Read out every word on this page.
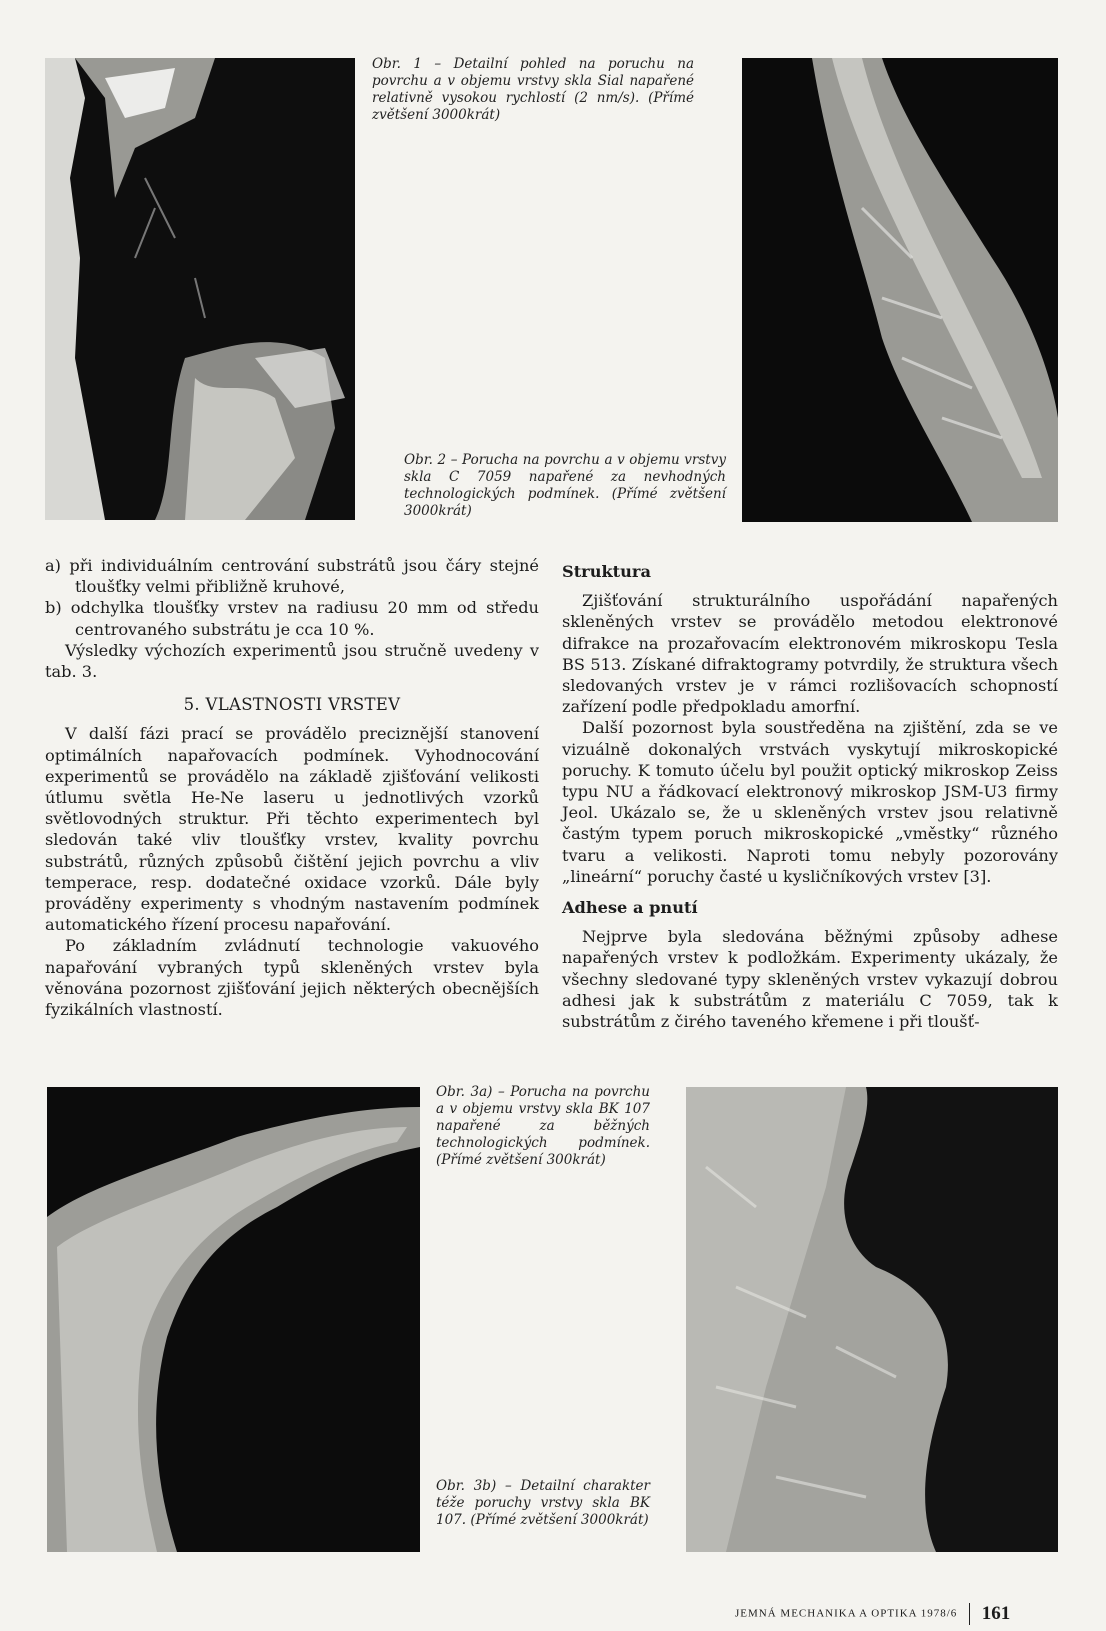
Obr. 1 – Detailní pohled na poruchu na povrchu a v objemu vrstvy skla Sial napařené relativně vysokou rychlostí (2 nm/s). (Přímé zvětšení 3000krát)

Obr. 2 – Porucha na povrchu a v objemu vrstvy skla C 7059 napařené za nevhodných technologických podmínek. (Přímé zvětšení 3000krát)

a) při individuálním centrování substrátů jsou čáry stejné tloušťky velmi přibližně kruhové,

b) odchylka tloušťky vrstev na radiusu 20 mm od středu centrovaného substrátu je cca 10 %.

Výsledky výchozích experimentů jsou stručně uvedeny v tab. 3.

5. VLASTNOSTI VRSTEV

V další fázi prací se provádělo preciznější stanovení optimálních napařovacích podmínek. Vyhodnocování experimentů se provádělo na základě zjišťování velikosti útlumu světla He-Ne laseru u jednotlivých vzorků světlovodných struktur. Při těchto experimentech byl sledován také vliv tloušťky vrstev, kvality povrchu substrátů, různých způsobů čištění jejich povrchu a vliv temperace, resp. dodatečné oxidace vzorků. Dále byly prováděny experimenty s vhodným nastavením podmínek automatického řízení procesu napařování.

Po základním zvládnutí technologie vakuového napařování vybraných typů skleněných vrstev byla věnována pozornost zjišťování jejich některých obecnějších fyzikálních vlastností.

Struktura

Zjišťování strukturálního uspořádání napařených skleněných vrstev se provádělo metodou elektronové difrakce na prozařovacím elektronovém mikroskopu Tesla BS 513. Získané difraktogramy potvrdily, že struktura všech sledovaných vrstev je v rámci rozlišovacích schopností zařízení podle předpokladu amorfní.

Další pozornost byla soustředěna na zjištění, zda se ve vizuálně dokonalých vrstvách vyskytují mikroskopické poruchy. K tomuto účelu byl použit optický mikroskop Zeiss typu NU a řádkovací elektronový mikroskop JSM-U3 firmy Jeol. Ukázalo se, že u skleněných vrstev jsou relativně častým typem poruch mikroskopické „vměstky“ různého tvaru a velikosti. Naproti tomu nebyly pozorovány „lineární“ poruchy časté u kysličníkových vrstev [3].

Adhese a pnutí

Nejprve byla sledována běžnými způsoby adhese napařených vrstev k podložkám. Experimenty ukázaly, že všechny sledované typy skleněných vrstev vykazují dobrou adhesi jak k substrátům z materiálu C 7059, tak k substrátům z čirého taveného křemene i při tloušť-

Obr. 3a) – Porucha na povrchu a v objemu vrstvy skla BK 107 napařené za běžných technologických podmínek. (Přímé zvětšení 300krát)

Obr. 3b) – Detailní charakter téže poruchy vrstvy skla BK 107. (Přímé zvětšení 3000krát)

JEMNÁ MECHANIKA A OPTIKA 1978/6 161
